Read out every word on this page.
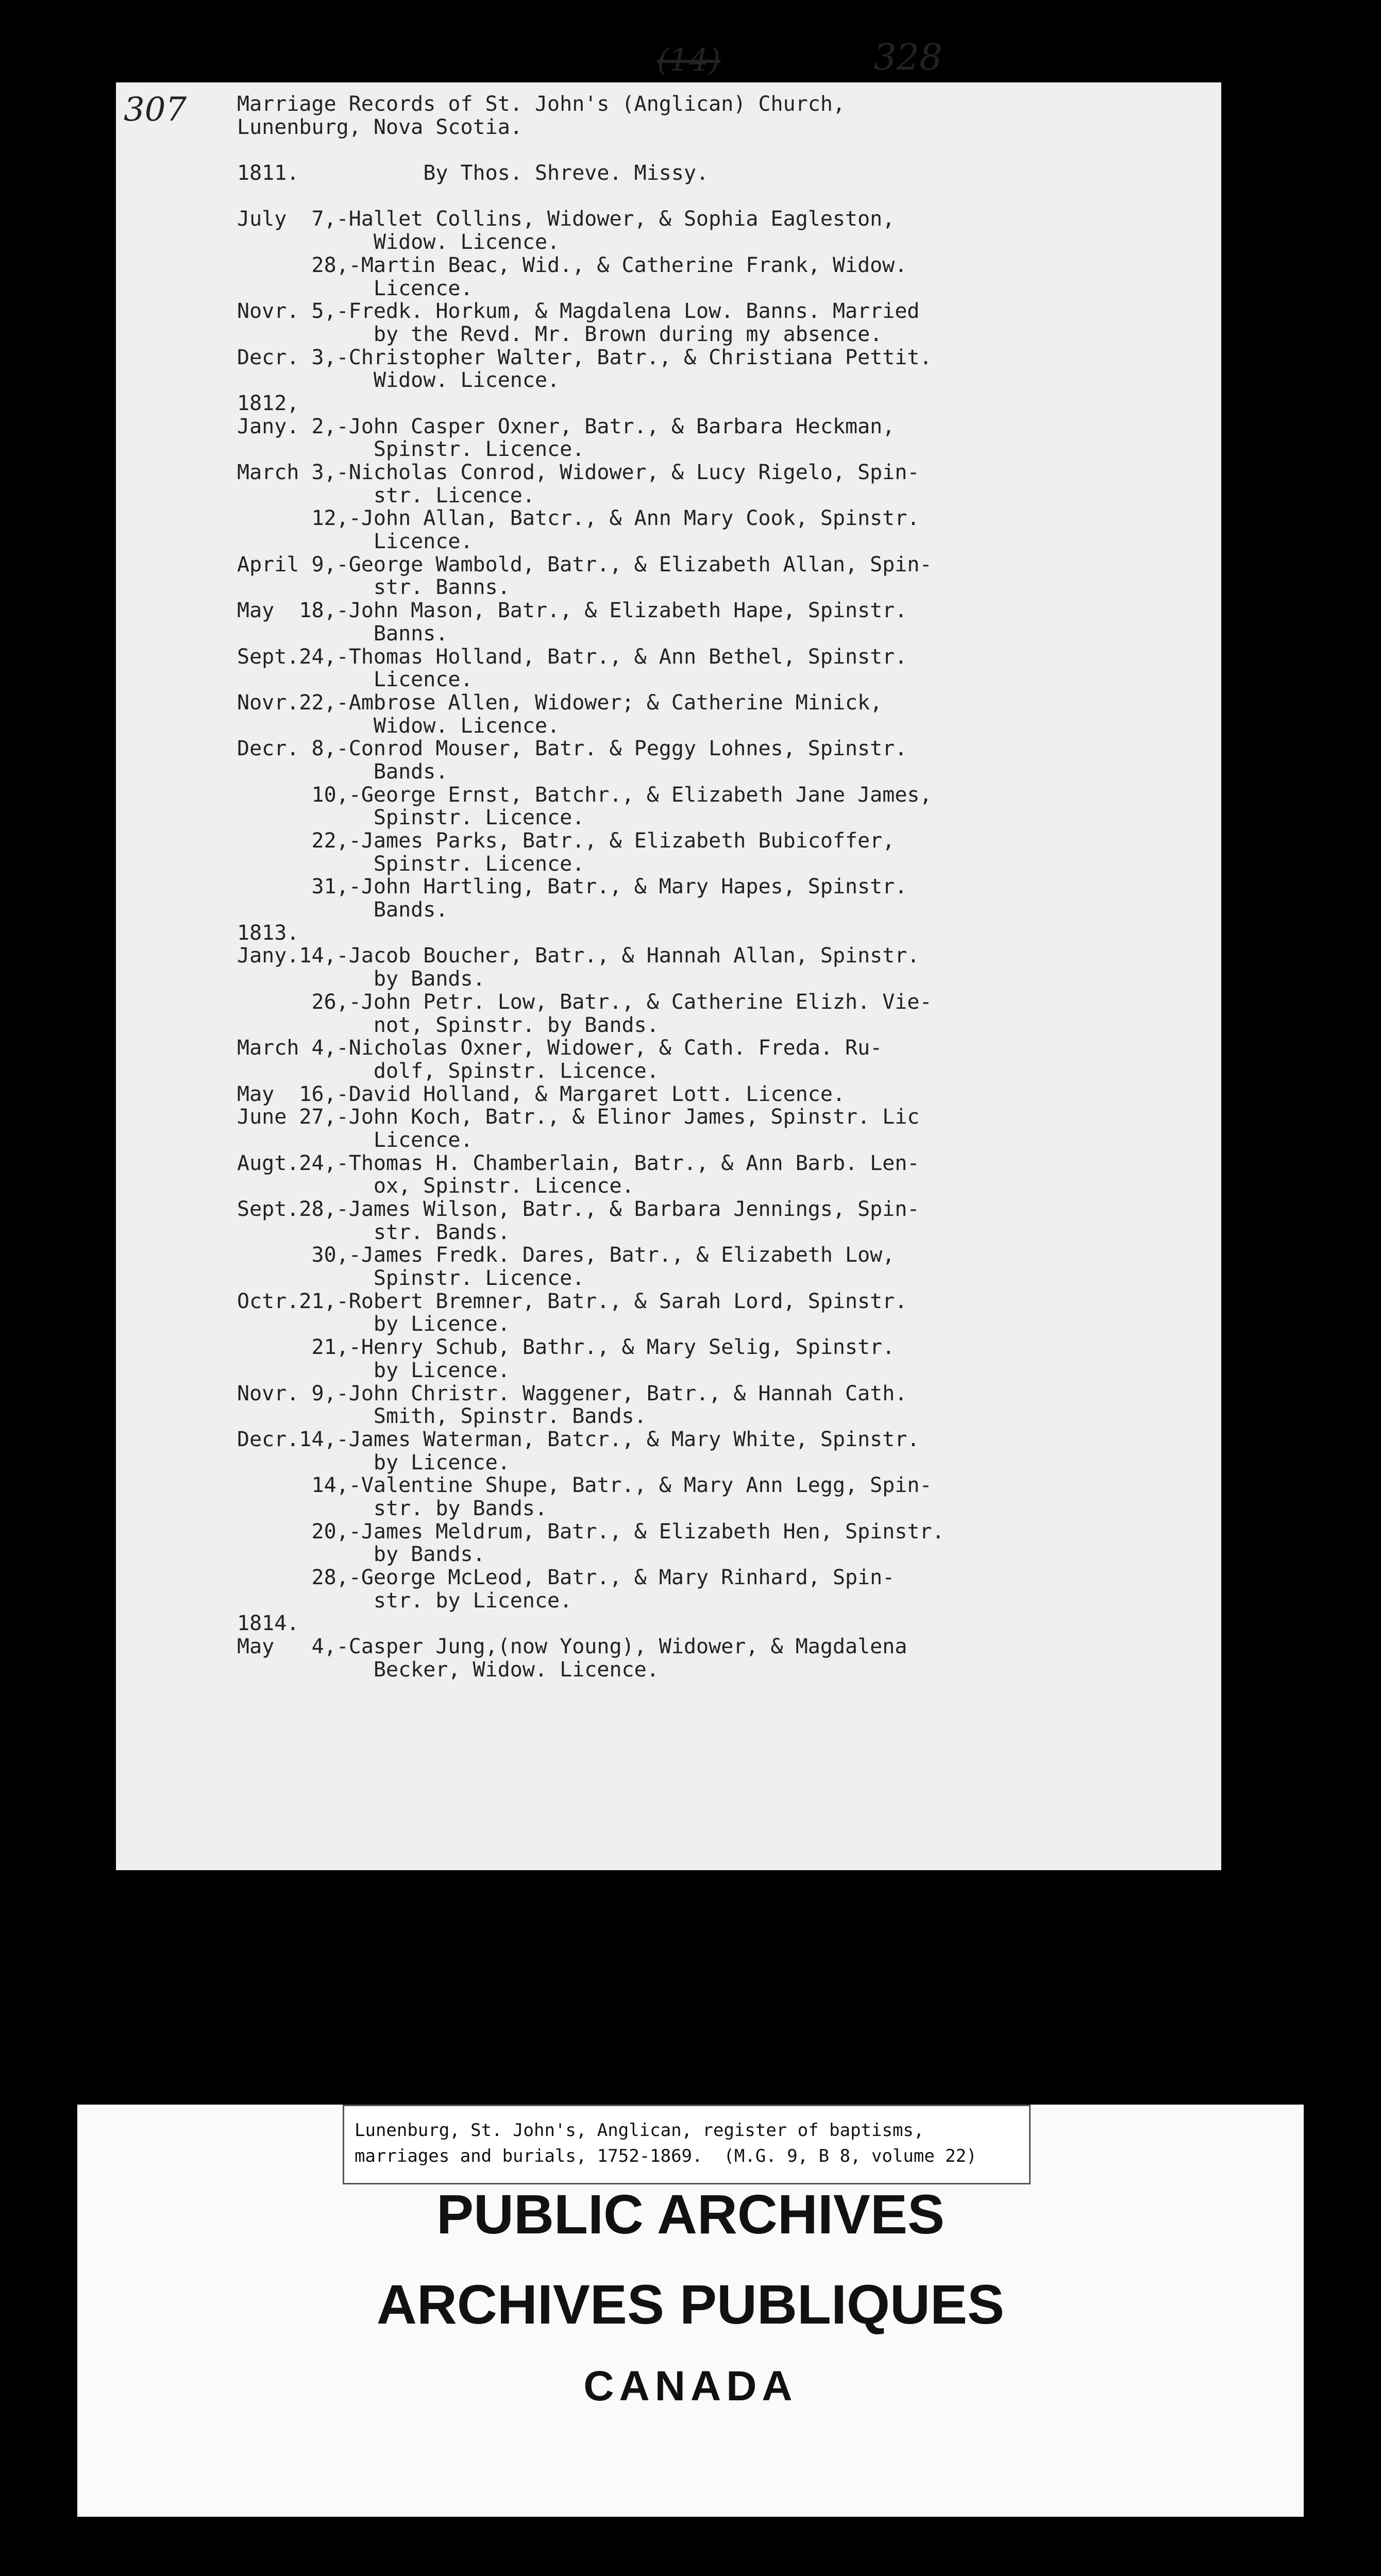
307
(14)	328
Marriage Records of St. John's (Anglican) Church,
Lunenburg, Nova Scotia.
1811.          By Thos. Shreve. Missy.
July  7,-Hallet Collins, Widower, & Sophia Eagleston,
Widow. Licence.
28,-Martin Beac, Wid., & Catherine Frank, Widow.
Licence.
Novr. 5,-Fredk. Horkum, & Magdalena Low. Banns. Married
by the Revd. Mr. Brown during my absence.
Decr. 3,-Christopher Walter, Batr., & Christiana Pettit.
Widow. Licence.
1812,
Jany. 2,-John Casper Oxner, Batr., & Barbara Heckman,
Spinstr. Licence.
March 3,-Nicholas Conrod, Widower, & Lucy Rigelo, Spin-
str. Licence.
12,-John Allan, Batcr., & Ann Mary Cook, Spinstr.
Licence.
April 9,-George Wambold, Batr., & Elizabeth Allan, Spin-
str. Banns.
May  18,-John Mason, Batr., & Elizabeth Hape, Spinstr.
Banns.
Sept.24,-Thomas Holland, Batr., & Ann Bethel, Spinstr.
Licence.
Novr.22,-Ambrose Allen, Widower; & Catherine Minick,
Widow. Licence.
Decr. 8,-Conrod Mouser, Batr. & Peggy Lohnes, Spinstr.
Bands.
10,-George Ernst, Batchr., & Elizabeth Jane James,
Spinstr. Licence.
22,-James Parks, Batr., & Elizabeth Bubicoffer,
Spinstr. Licence.
31,-John Hartling, Batr., & Mary Hapes, Spinstr.
Bands.
1813.
Jany.14,-Jacob Boucher, Batr., & Hannah Allan, Spinstr.
by Bands.
26,-John Petr. Low, Batr., & Catherine Elizh. Vie-
not, Spinstr. by Bands.
March 4,-Nicholas Oxner, Widower, & Cath. Freda. Ru-
dolf, Spinstr. Licence.
May  16,-David Holland, & Margaret Lott. Licence.
June 27,-John Koch, Batr., & Elinor James, Spinstr. Lic
Licence.
Augt.24,-Thomas H. Chamberlain, Batr., & Ann Barb. Len-
ox, Spinstr. Licence.
Sept.28,-James Wilson, Batr., & Barbara Jennings, Spin-
str. Bands.
30,-James Fredk. Dares, Batr., & Elizabeth Low,
Spinstr. Licence.
Octr.21,-Robert Bremner, Batr., & Sarah Lord, Spinstr.
by Licence.
21,-Henry Schub, Bathr., & Mary Selig, Spinstr.
by Licence.
Novr. 9,-John Christr. Waggener, Batr., & Hannah Cath.
Smith, Spinstr. Bands.
Decr.14,-James Waterman, Batcr., & Mary White, Spinstr.
by Licence.
14,-Valentine Shupe, Batr., & Mary Ann Legg, Spin-
str. by Bands.
20,-James Meldrum, Batr., & Elizabeth Hen, Spinstr.
by Bands.
28,-George McLeod, Batr., & Mary Rinhard, Spin-
str. by Licence.
1814.
May   4,-Casper Jung,(now Young), Widower, & Magdalena
Becker, Widow. Licence.
Lunenburg, St. John's, Anglican, register of baptisms,
marriages and burials, 1752-1869.  (M.G. 9, B 8, volume 22)
PUBLIC ARCHIVES
ARCHIVES PUBLIQUES
CANADA
